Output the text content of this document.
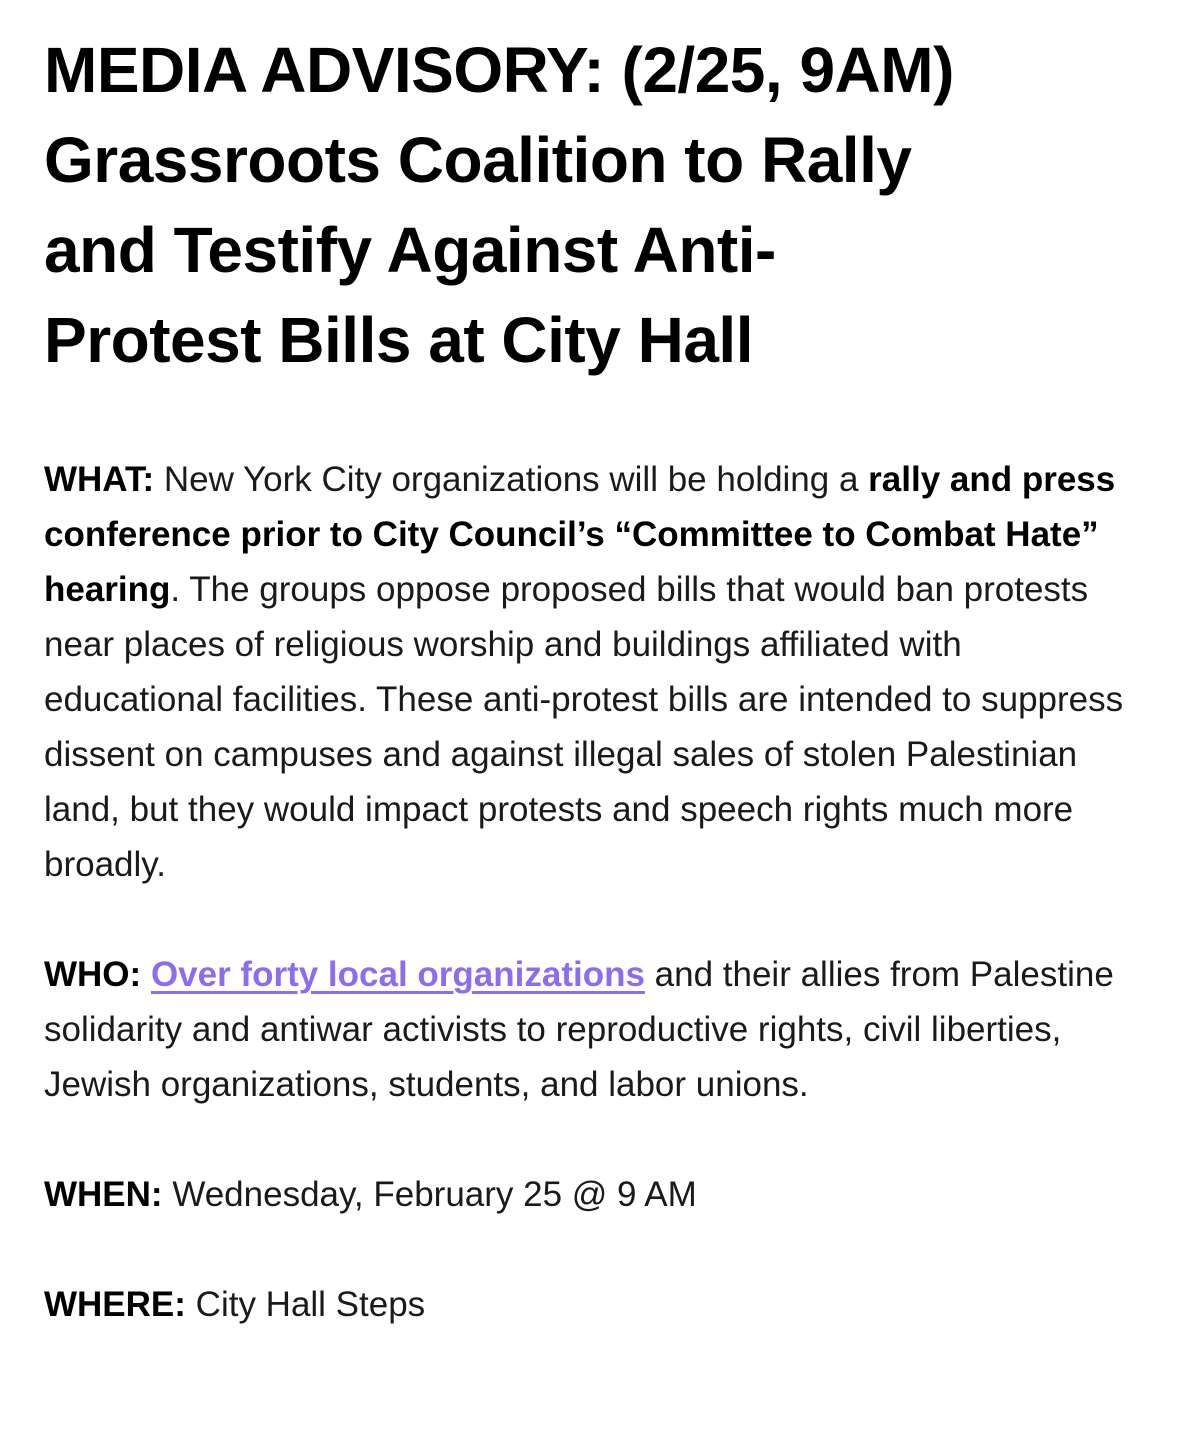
MEDIA ADVISORY: (2/25, 9AM)
Grassroots Coalition to Rally
and Testify Against Anti-
Protest Bills at City Hall

WHAT: New York City organizations will be holding a rally and press conference prior to City Council’s “Committee to Combat Hate” hearing. The groups oppose proposed bills that would ban protests near places of religious worship and buildings affiliated with educational facilities. These anti-protest bills are intended to suppress dissent on campuses and against illegal sales of stolen Palestinian land, but they would impact protests and speech rights much more broadly.

WHO: Over forty local organizations and their allies from Palestine solidarity and antiwar activists to reproductive rights, civil liberties, Jewish organizations, students, and labor unions.

WHEN: Wednesday, February 25 @ 9 AM

WHERE: City Hall Steps
